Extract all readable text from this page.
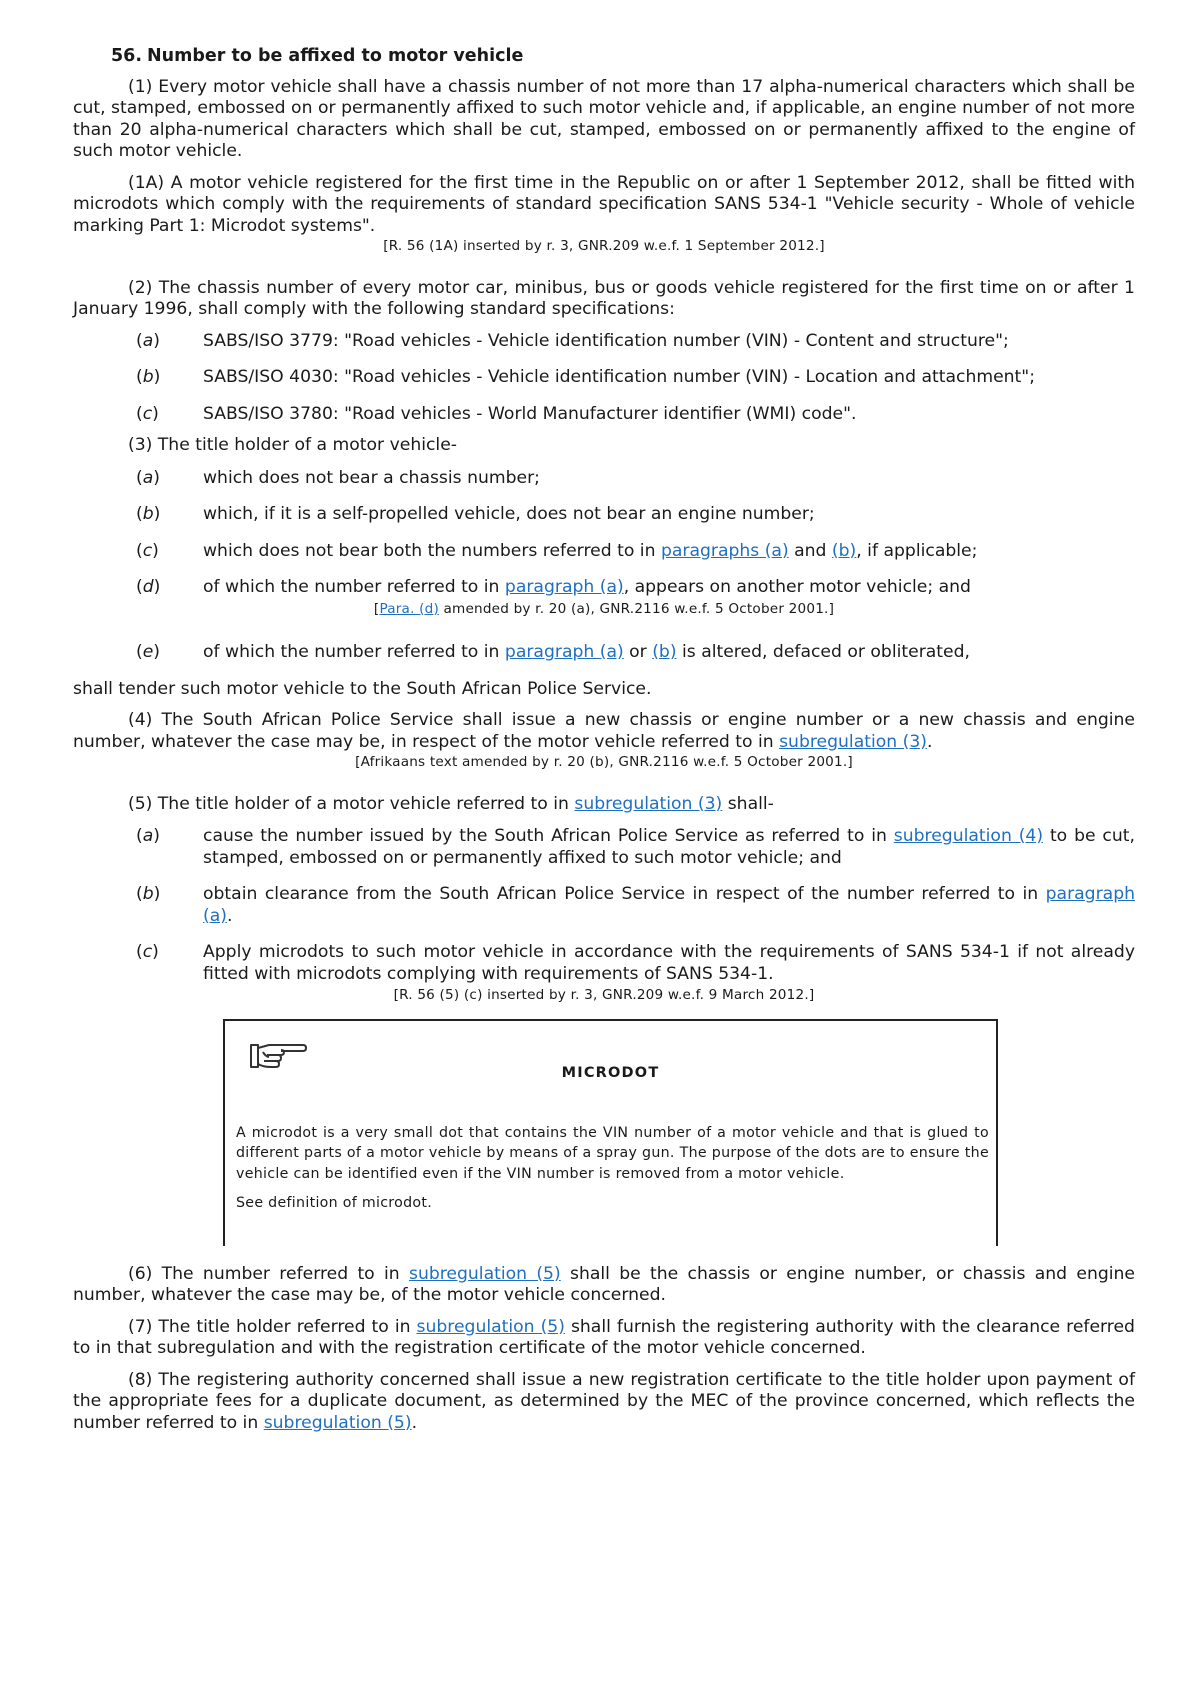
56. Number to be affixed to motor vehicle

(1) Every motor vehicle shall have a chassis number of not more than 17 alpha-numerical characters which shall be cut, stamped, embossed on or permanently affixed to such motor vehicle and, if applicable, an engine number of not more than 20 alpha-numerical characters which shall be cut, stamped, embossed on or permanently affixed to the engine of such motor vehicle.

(1A) A motor vehicle registered for the first time in the Republic on or after 1 September 2012, shall be fitted with microdots which comply with the requirements of standard specification SANS 534-1 "Vehicle security - Whole of vehicle marking Part 1: Microdot systems".

[R. 56 (1A) inserted by r. 3, GNR.209 w.e.f. 1 September 2012.]

(2) The chassis number of every motor car, minibus, bus or goods vehicle registered for the first time on or after 1 January 1996, shall comply with the following standard specifications:

(a)	SABS/ISO 3779: "Road vehicles - Vehicle identification number (VIN) - Content and structure";
(b) SABS/ISO 4030: "Road vehicles - Vehicle identification number (VIN) - Location and attachment";
(c)	SABS/ISO 3780: "Road vehicles - World Manufacturer identifier (WMI) code".

(3) The title holder of a motor vehicle-

(a)	which does not bear a chassis number;
(b) which, if it is a self-propelled vehicle, does not bear an engine number;
(c)	which does not bear both the numbers referred to in paragraphs (a) and (b), if applicable;
(d) of which the number referred to in paragraph (a), appears on another motor vehicle; and
[Para. (d) amended by r. 20 (a), GNR.2116 w.e.f. 5 October 2001.]
(e) of which the number referred to in paragraph (a) or (b) is altered, defaced or obliterated,

shall tender such motor vehicle to the South African Police Service.

(4) The South African Police Service shall issue a new chassis or engine number or a new chassis and engine number, whatever the case may be, in respect of the motor vehicle referred to in subregulation (3).

[Afrikaans text amended by r. 20 (b), GNR.2116 w.e.f. 5 October 2001.]

(5) The title holder of a motor vehicle referred to in subregulation (3) shall-

(a)	cause the number issued by the South African Police Service as referred to in subregulation (4) to be cut, stamped, embossed on or permanently affixed to such motor vehicle; and
(b) obtain clearance from the South African Police Service in respect of the number referred to in paragraph (a).
(c)	Apply microdots to such motor vehicle in accordance with the requirements of SANS 534-1 if not already fitted with microdots complying with requirements of SANS 534-1.
[R. 56 (5) (c) inserted by r. 3, GNR.209 w.e.f. 9 March 2012.]
MICRODOT
A microdot is a very small dot that contains the VIN number of a motor vehicle and that is glued to different parts of a motor vehicle by means of a spray gun. The purpose of the dots are to ensure the vehicle can be identified even if the VIN number is removed from a motor vehicle.
See definition of microdot.

(6) The number referred to in subregulation (5) shall be the chassis or engine number, or chassis and engine number, whatever the case may be, of the motor vehicle concerned.

(7) The title holder referred to in subregulation (5) shall furnish the registering authority with the clearance referred to in that subregulation and with the registration certificate of the motor vehicle concerned.

(8) The registering authority concerned shall issue a new registration certificate to the title holder upon payment of the appropriate fees for a duplicate document, as determined by the MEC of the province concerned, which reflects the number referred to in subregulation (5).
